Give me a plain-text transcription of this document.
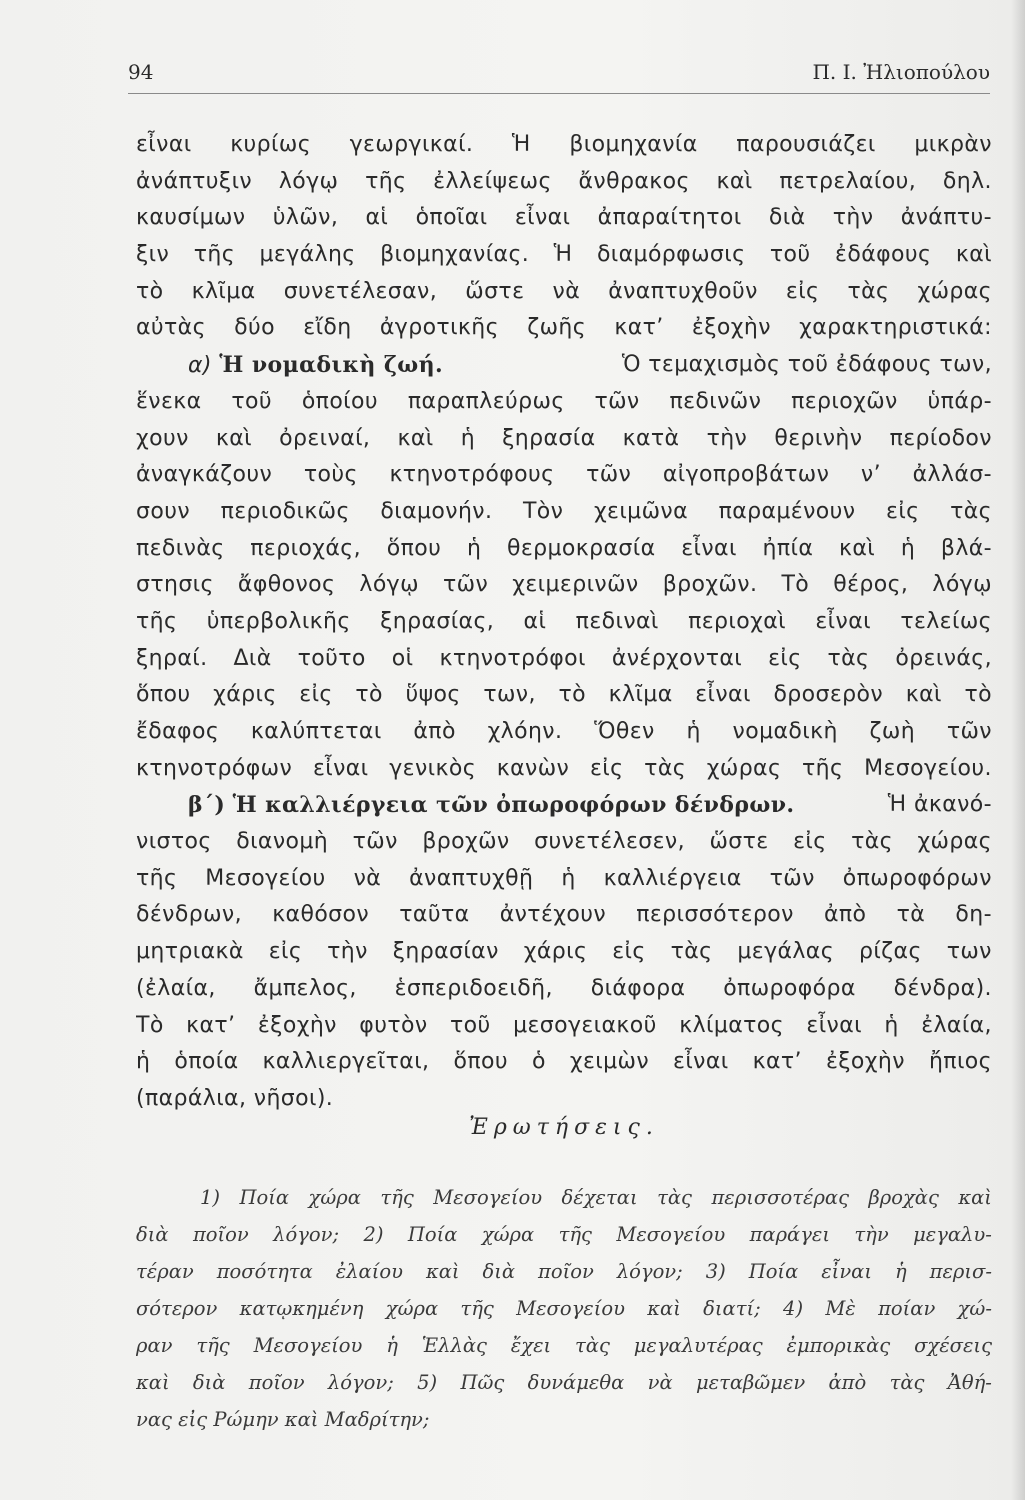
94	Π. Ι. Ἠλιοπούλου
εἶναι κυρίως γεωργικαί. Ἡ βιομηχανία παρουσιάζει μικρὰν
ἀνάπτυξιν λόγῳ τῆς ἐλλείψεως ἄνθρακος καὶ πετρελαίου, δηλ.
καυσίμων ὑλῶν, αἱ ὁποῖαι εἶναι ἀπαραίτητοι διὰ τὴν ἀνάπτυ-
ξιν τῆς μεγάλης βιομηχανίας. Ἡ διαμόρφωσις τοῦ ἐδάφους καὶ
τὸ κλῖμα συνετέλεσαν, ὥστε νὰ ἀναπτυχθοῦν εἰς τὰς χώρας
αὐτὰς δύο εἴδη ἀγροτικῆς ζωῆς κατ’ ἐξοχὴν χαρακτηριστικά:
α) Ἡ νομαδικὴ ζωή.	Ὁ τεμαχισμὸς τοῦ ἐδάφους των,
ἕνεκα τοῦ ὁποίου παραπλεύρως τῶν πεδινῶν περιοχῶν ὑπάρ-
χουν καὶ ὀρειναί, καὶ ἡ ξηρασία κατὰ τὴν θερινὴν περίοδον
ἀναγκάζουν τοὺς κτηνοτρόφους τῶν αἰγοπροβάτων ν’ ἀλλάσ-
σουν περιοδικῶς διαμονήν. Τὸν χειμῶνα παραμένουν εἰς τὰς
πεδινὰς περιοχάς, ὅπου ἡ θερμοκρασία εἶναι ἠπία καὶ ἡ βλά-
στησις ἄφθονος λόγῳ τῶν χειμερινῶν βροχῶν. Τὸ θέρος, λόγῳ
τῆς ὑπερβολικῆς ξηρασίας, αἱ πεδιναὶ περιοχαὶ εἶναι τελείως
ξηραί. Διὰ τοῦτο οἱ κτηνοτρόφοι ἀνέρχονται εἰς τὰς ὀρεινάς,
ὅπου χάρις εἰς τὸ ὕψος των, τὸ κλῖμα εἶναι δροσερὸν καὶ τὸ
ἔδαφος καλύπτεται ἀπὸ χλόην. Ὅθεν ἡ νομαδικὴ ζωὴ τῶν
κτηνοτρόφων εἶναι γενικὸς κανὼν εἰς τὰς χώρας τῆς Μεσογείου.
β΄) Ἡ καλλιέργεια τῶν ὀπωροφόρων δένδρων.	Ἡ ἀκανό-
νιστος διανομὴ τῶν βροχῶν συνετέλεσεν, ὥστε εἰς τὰς χώρας
τῆς Μεσογείου νὰ ἀναπτυχθῇ ἡ καλλιέργεια τῶν ὀπωροφόρων
δένδρων, καθόσον ταῦτα ἀντέχουν περισσότερον ἀπὸ τὰ δη-
μητριακὰ εἰς τὴν ξηρασίαν χάρις εἰς τὰς μεγάλας ρίζας των
(ἐλαία, ἄμπελος, ἑσπεριδοειδῆ, διάφορα ὀπωροφόρα δένδρα).
Τὸ κατ’ ἐξοχὴν φυτὸν τοῦ μεσογειακοῦ κλίματος εἶναι ἡ ἐλαία,
ἡ ὁποία καλλιεργεῖται, ὅπου ὁ χειμὼν εἶναι κατ’ ἐξοχὴν ἤπιος
(παράλια, νῆσοι).
Ἐρωτήσεις.
1) Ποία χώρα τῆς Μεσογείου δέχεται τὰς περισσοτέρας βροχὰς καὶ
διὰ ποῖον λόγον; 2) Ποία χώρα τῆς Μεσογείου παράγει τὴν μεγαλυ-
τέραν ποσότητα ἐλαίου καὶ διὰ ποῖον λόγον; 3) Ποία εἶναι ἡ περισ-
σότερον κατῳκημένη χώρα τῆς Μεσογείου καὶ διατί; 4) Μὲ ποίαν χώ-
ραν τῆς Μεσογείου ἡ Ἑλλὰς ἔχει τὰς μεγαλυτέρας ἐμπορικὰς σχέσεις
καὶ διὰ ποῖον λόγον; 5) Πῶς δυνάμεθα νὰ μεταβῶμεν ἀπὸ τὰς Ἀθή-
νας εἰς Ρώμην καὶ Μαδρίτην;
